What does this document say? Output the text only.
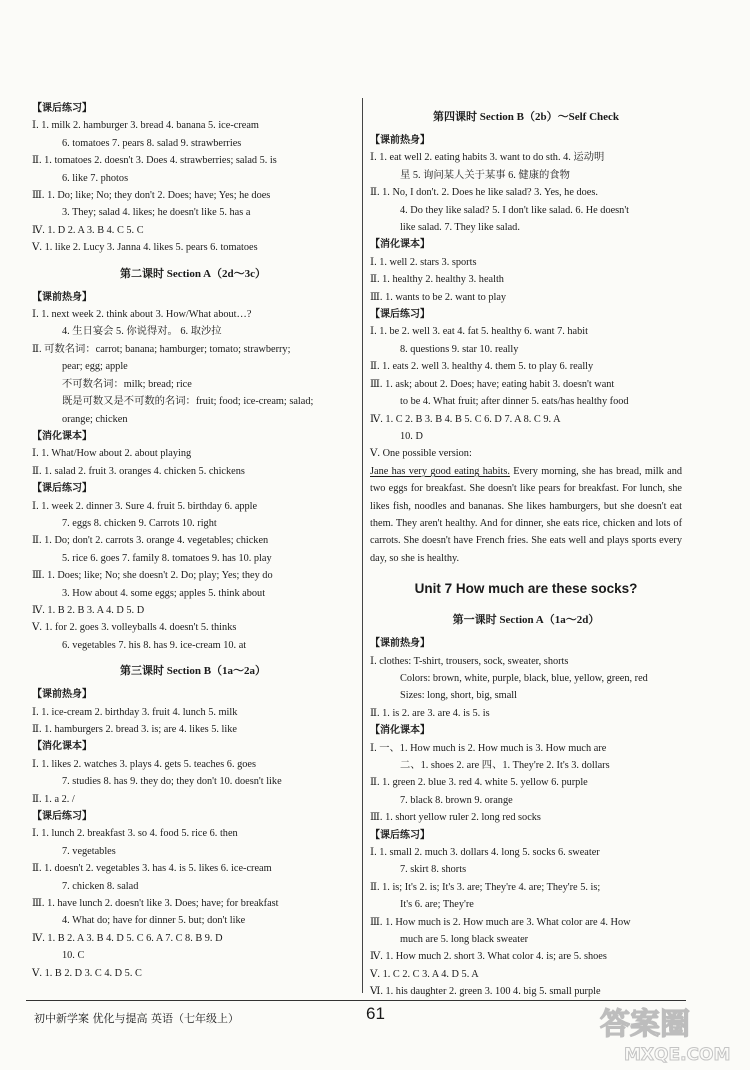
【课后练习】
Ⅰ. 1. milk 2. hamburger 3. bread 4. banana 5. ice-cream
6. tomatoes 7. pears 8. salad 9. strawberries
Ⅱ. 1. tomatoes 2. doesn't 3. Does 4. strawberries; salad 5. is
6. like 7. photos
Ⅲ. 1. Do; like; No; they don't 2. Does; have; Yes; he does
3. They; salad 4. likes; he doesn't like 5. has a
Ⅳ. 1. D 2. A 3. B 4. C 5. C
Ⅴ. 1. like 2. Lucy 3. Janna 4. likes 5. pears 6. tomatoes
第二课时 Section A（2d～3c）
【课前热身】
Ⅰ. 1. next week 2. think about 3. How/What about…?
4. 生日宴会 5. 你说得对。 6. 取沙拉
Ⅱ. 可数名词：carrot; banana; hamburger; tomato; strawberry;
pear; egg; apple
不可数名词：milk; bread; rice
既是可数又是不可数的名词：fruit; food; ice-cream; salad;
orange; chicken
【消化课本】
Ⅰ. 1. What/How about 2. about playing
Ⅱ. 1. salad 2. fruit 3. oranges 4. chicken 5. chickens
【课后练习】
Ⅰ. 1. week 2. dinner 3. Sure 4. fruit 5. birthday 6. apple
7. eggs 8. chicken 9. Carrots 10. right
Ⅱ. 1. Do; don't 2. carrots 3. orange 4. vegetables; chicken
5. rice 6. goes 7. family 8. tomatoes 9. has 10. play
Ⅲ. 1. Does; like; No; she doesn't 2. Do; play; Yes; they do
3. How about 4. some eggs; apples 5. think about
Ⅳ. 1. B 2. B 3. A 4. D 5. D
Ⅴ. 1. for 2. goes 3. volleyballs 4. doesn't 5. thinks
6. vegetables 7. his 8. has 9. ice-cream 10. at
第三课时 Section B（1a～2a）
【课前热身】
Ⅰ. 1. ice-cream 2. birthday 3. fruit 4. lunch 5. milk
Ⅱ. 1. hamburgers 2. bread 3. is; are 4. likes 5. like
【消化课本】
Ⅰ. 1. likes 2. watches 3. plays 4. gets 5. teaches 6. goes
7. studies 8. has 9. they do; they don't 10. doesn't like
Ⅱ. 1. a 2. /
【课后练习】
Ⅰ. 1. lunch 2. breakfast 3. so 4. food 5. rice 6. then
7. vegetables
Ⅱ. 1. doesn't 2. vegetables 3. has 4. is 5. likes 6. ice-cream
7. chicken 8. salad
Ⅲ. 1. have lunch 2. doesn't like 3. Does; have; for breakfast
4. What do; have for dinner 5. but; don't like
Ⅳ. 1. B 2. A 3. B 4. D 5. C 6. A 7. C 8. B 9. D
10. C
Ⅴ. 1. B 2. D 3. C 4. D 5. C
第四课时 Section B（2b）～Self Check
【课前热身】
Ⅰ. 1. eat well 2. eating habits 3. want to do sth. 4. 运动明
星 5. 询问某人关于某事 6. 健康的食物
Ⅱ. 1. No, I don't. 2. Does he like salad? 3. Yes, he does.
4. Do they like salad? 5. I don't like salad. 6. He doesn't
like salad. 7. They like salad.
【消化课本】
Ⅰ. 1. well 2. stars 3. sports
Ⅱ. 1. healthy 2. healthy 3. health
Ⅲ. 1. wants to be 2. want to play
【课后练习】
Ⅰ. 1. be 2. well 3. eat 4. fat 5. healthy 6. want 7. habit
8. questions 9. star 10. really
Ⅱ. 1. eats 2. well 3. healthy 4. them 5. to play 6. really
Ⅲ. 1. ask; about 2. Does; have; eating habit 3. doesn't want
to be 4. What fruit; after dinner 5. eats/has healthy food
Ⅳ. 1. C 2. B 3. B 4. B 5. C 6. D 7. A 8. C 9. A
10. D
Ⅴ. One possible version:
Jane has very good eating habits. Every morning, she has bread, milk and two eggs for breakfast. She doesn't like pears for breakfast. For lunch, she likes fish, noodles and bananas. She likes hamburgers, but she doesn't eat them. They aren't healthy. And for dinner, she eats rice, chicken and lots of carrots. She doesn't have French fries. She eats well and plays sports every day, so she is healthy.
Unit 7 How much are these socks?
第一课时 Section A（1a～2d）
【课前热身】
Ⅰ. clothes: T-shirt, trousers, sock, sweater, shorts
Colors: brown, white, purple, black, blue, yellow, green, red
Sizes: long, short, big, small
Ⅱ. 1. is 2. are 3. are 4. is 5. is
【消化课本】
Ⅰ. 一、1. How much is 2. How much is 3. How much are
二、1. shoes 2. are 四、1. They're 2. It's 3. dollars
Ⅱ. 1. green 2. blue 3. red 4. white 5. yellow 6. purple
7. black 8. brown 9. orange
Ⅲ. 1. short yellow ruler 2. long red socks
【课后练习】
Ⅰ. 1. small 2. much 3. dollars 4. long 5. socks 6. sweater
7. skirt 8. shorts
Ⅱ. 1. is; It's 2. is; It's 3. are; They're 4. are; They're 5. is;
It's 6. are; They're
Ⅲ. 1. How much is 2. How much are 3. What color are 4. How
much are 5. long black sweater
Ⅳ. 1. How much 2. short 3. What color 4. is; are 5. shoes
Ⅴ. 1. C 2. C 3. A 4. D 5. A
Ⅵ. 1. his daughter 2. green 3. 100 4. big 5. small purple
初中新学案 优化与提高 英语（七年级上）	61	答案圈
MXQE.COM
